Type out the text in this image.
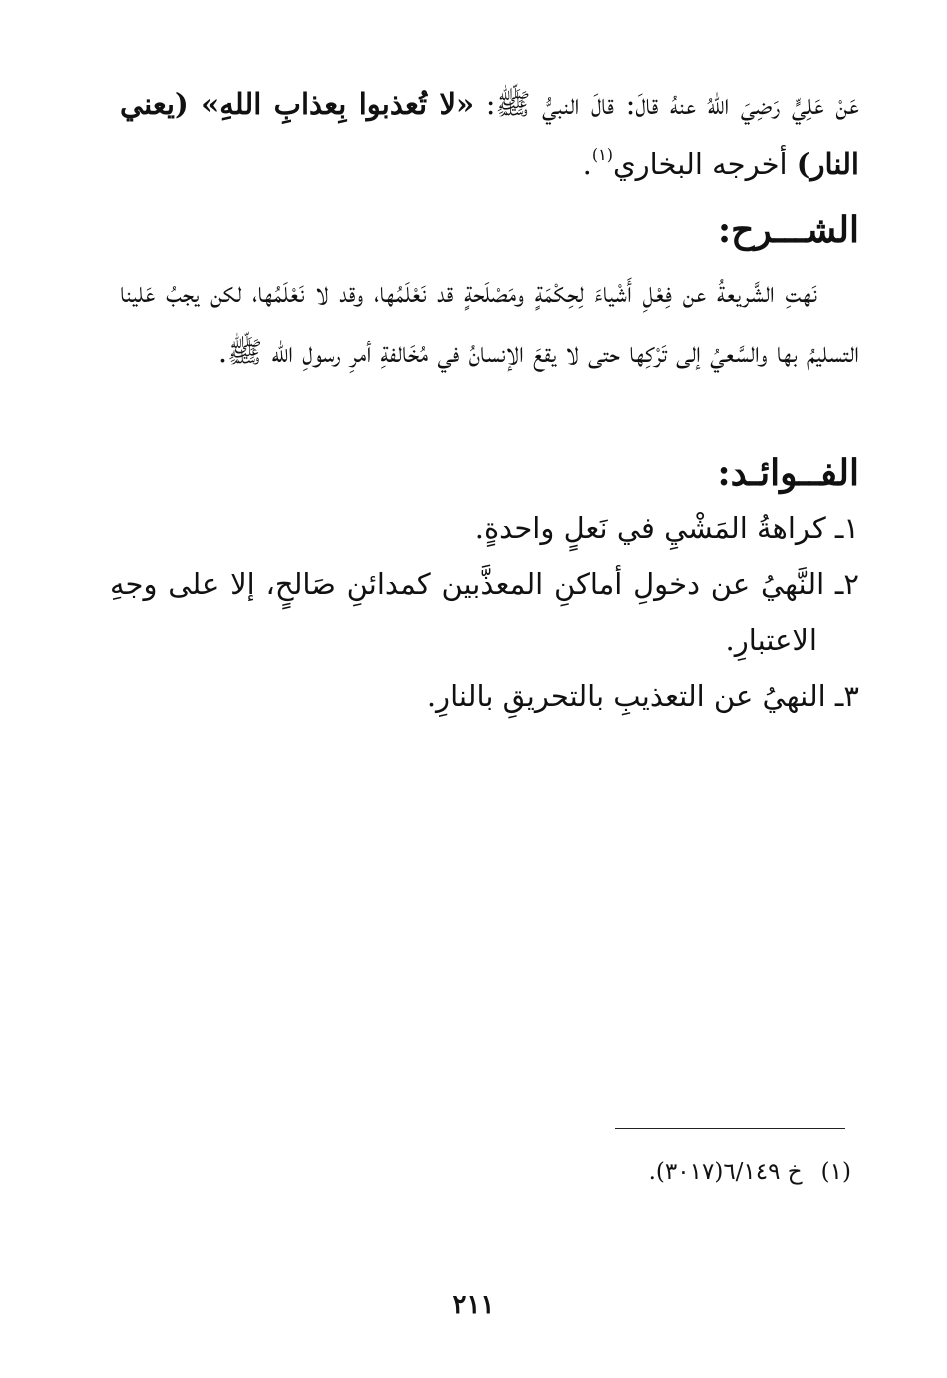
عَنْ عَلِيٍّ رَضِيَ اللهُ عنهُ قالَ: قالَ النبيُّ ﷺ: «لا تُعذبوا بِعذابِ اللهِ» (يعني النار) أخرجه البخاري$^{(١)}$.
الشـــرح:

نَهتِ الشَّريعةُ عن فِعْلِ أَشْياءَ لِحِكْمَةٍ ومَصْلَحةٍ قد نَعْلَمُها، وقد لا نَعْلَمُها، لكن يجبُ عَلينا التسليمُ بها والسَّعيُ إلى تَرْكِها حتى لا يقعَ الإنسانُ في مُخَالفةِ أمرِ رسولِ الله ﷺ.

الفــوائـد:
١ـ كراهةُ المَشْيِ في نَعلٍ واحدةٍ.
٢ـ النَّهيُ عن دخولِ أماكنِ المعذَّبين كمدائنِ صَالحٍ، إلا على وجهِ الاعتبارِ.
٣ـ النهيُ عن التعذيبِ بالتحريقِ بالنارِ.
(١)خ ٦/١٤٩(٣٠١٧).
٢١١
